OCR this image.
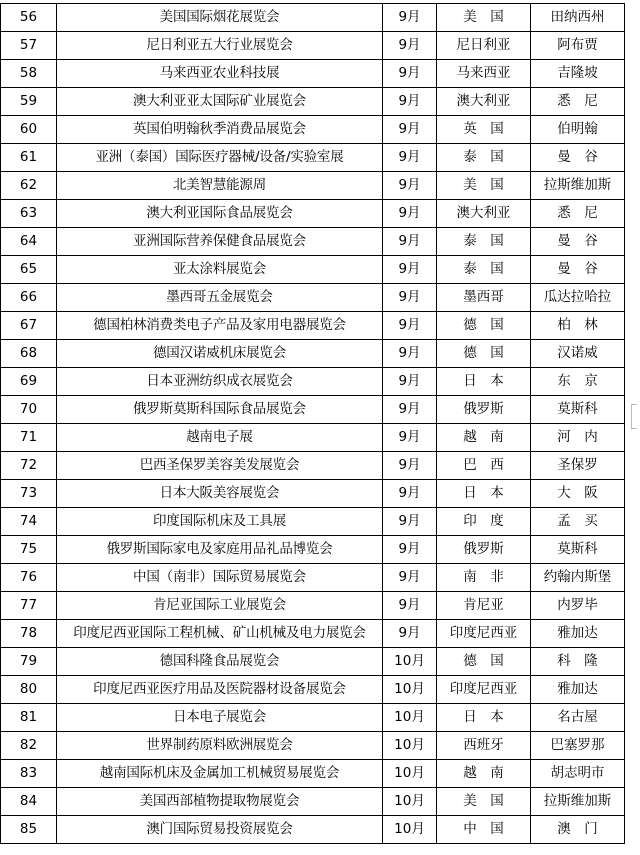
56	美国国际烟花展览会	9月	美　国	田纳西州
57	尼日利亚五大行业展览会	9月	尼日利亚	阿布贾
58	马来西亚农业科技展	9月	马来西亚	吉隆坡
59	澳大利亚亚太国际矿业展览会	9月	澳大利亚	悉　尼
60	英国伯明翰秋季消费品展览会	9月	英　国	伯明翰
61	亚洲（泰国）国际医疗器械/设备/实验室展	9月	泰　国	曼　谷
62	北美智慧能源周	9月	美　国	拉斯维加斯
63	澳大利亚国际食品展览会	9月	澳大利亚	悉　尼
64	亚洲国际营养保健食品展览会	9月	泰　国	曼　谷
65	亚太涂料展览会	9月	泰　国	曼　谷
66	墨西哥五金展览会	9月	墨西哥	瓜达拉哈拉
67	德国柏林消费类电子产品及家用电器展览会	9月	德　国	柏　林
68	德国汉诺威机床展览会	9月	德　国	汉诺威
69	日本亚洲纺织成衣展览会	9月	日　本	东　京
70	俄罗斯莫斯科国际食品展览会	9月	俄罗斯	莫斯科
71	越南电子展	9月	越　南	河　内
72	巴西圣保罗美容美发展览会	9月	巴　西	圣保罗
73	日本大阪美容展览会	9月	日　本	大　阪
74	印度国际机床及工具展	9月	印　度	孟　买
75	俄罗斯国际家电及家庭用品礼品博览会	9月	俄罗斯	莫斯科
76	中国（南非）国际贸易展览会	9月	南　非	约翰内斯堡
77	肯尼亚国际工业展览会	9月	肯尼亚	内罗毕
78	印度尼西亚国际工程机械、矿山机械及电力展览会	9月	印度尼西亚	雅加达
79	德国科隆食品展览会	10月	德　国	科　隆
80	印度尼西亚医疗用品及医院器材设备展览会	10月	印度尼西亚	雅加达
81	日本电子展览会	10月	日　本	名古屋
82	世界制药原料欧洲展览会	10月	西班牙	巴塞罗那
83	越南国际机床及金属加工机械贸易展览会	10月	越　南	胡志明市
84	美国西部植物提取物展览会	10月	美　国	拉斯维加斯
85	澳门国际贸易投资展览会	10月	中　国	澳　门
